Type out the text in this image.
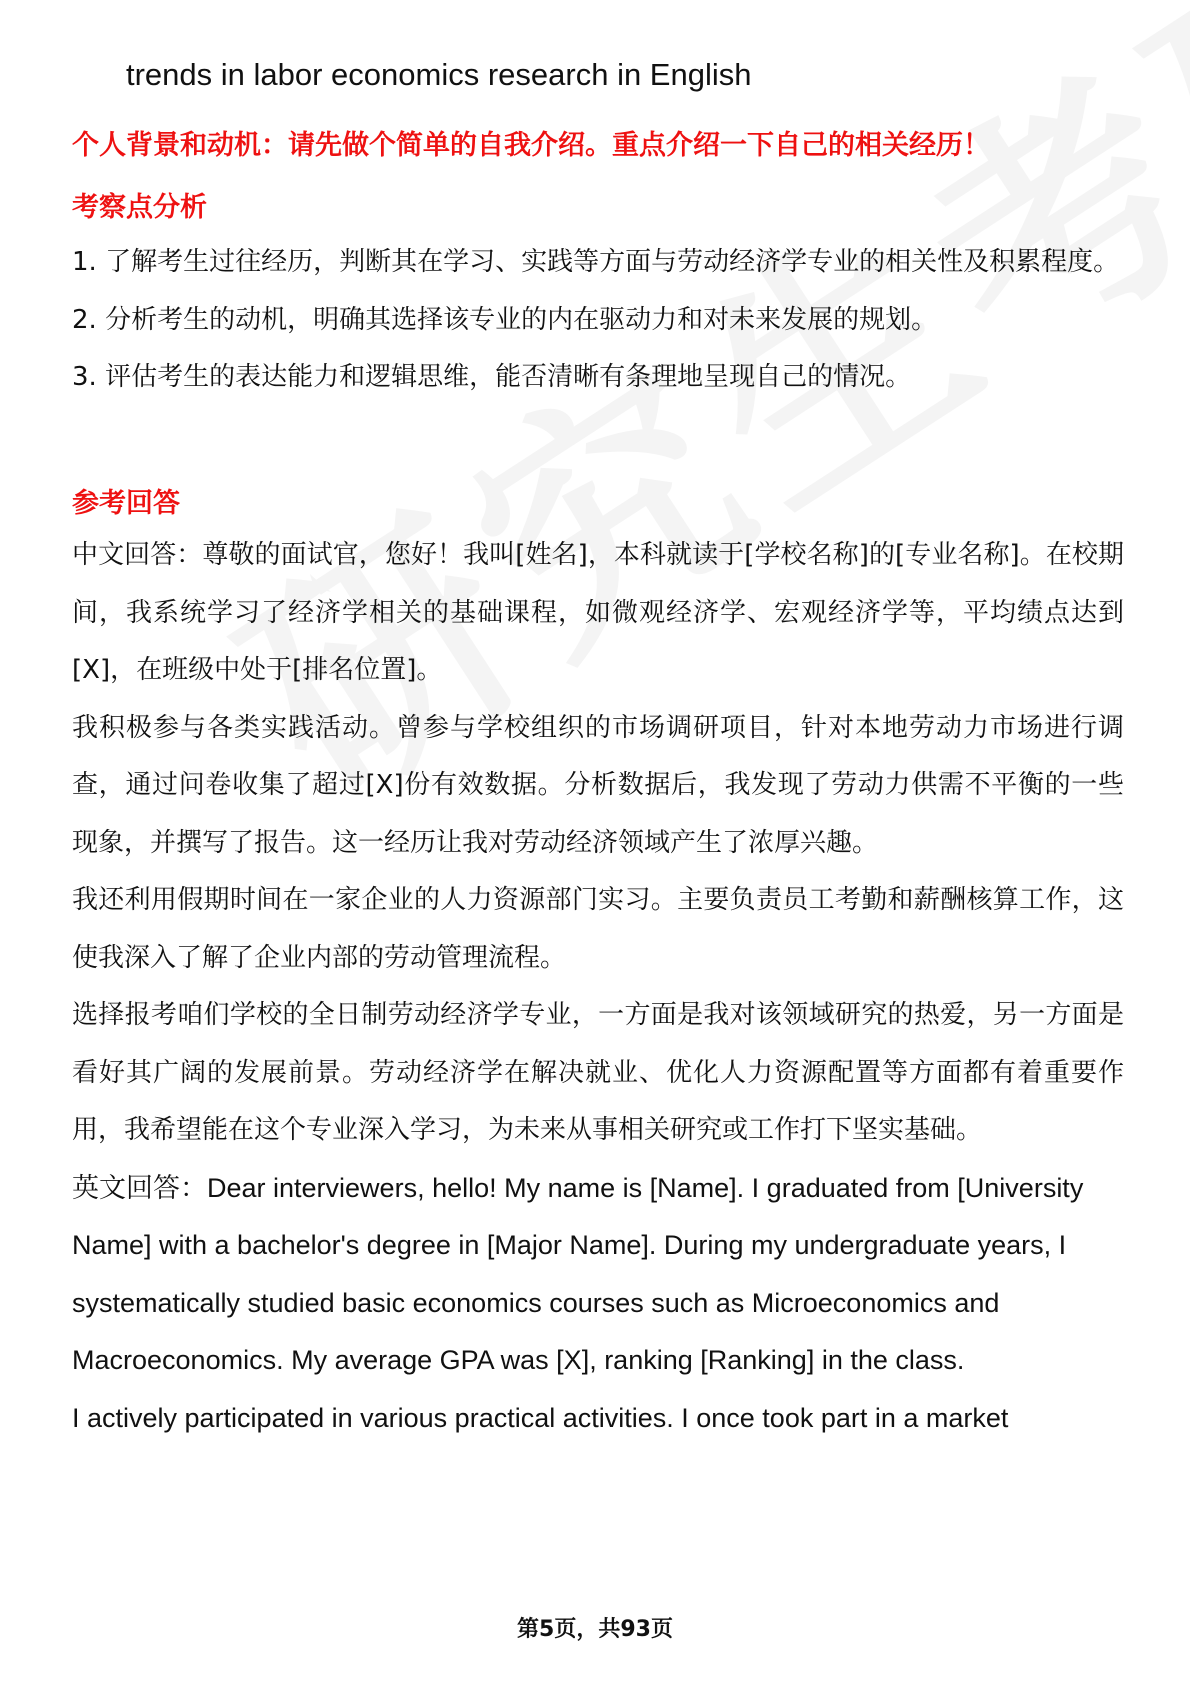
trends in labor economics research in English
个人背景和动机：请先做个简单的自我介绍。重点介绍一下自己的相关经历！
考察点分析

1. 了解考生过往经历，判断其在学习、实践等方面与劳动经济学专业的相关性及积累程度。

2. 分析考生的动机，明确其选择该专业的内在驱动力和对未来发展的规划。

3. 评估考生的表达能力和逻辑思维，能否清晰有条理地呈现自己的情况。

参考回答

中文回答：尊敬的面试官，您好！我叫[姓名]，本科就读于[学校名称]的[专业名称]。在校期间，我系统学习了经济学相关的基础课程，如微观经济学、宏观经济学等，平均绩点达到[X]，在班级中处于[排名位置]。

我积极参与各类实践活动。曾参与学校组织的市场调研项目，针对本地劳动力市场进行调查，通过问卷收集了超过[X]份有效数据。分析数据后，我发现了劳动力供需不平衡的一些现象，并撰写了报告。这一经历让我对劳动经济领域产生了浓厚兴趣。

我还利用假期时间在一家企业的人力资源部门实习。主要负责员工考勤和薪酬核算工作，这使我深入了解了企业内部的劳动管理流程。

选择报考咱们学校的全日制劳动经济学专业，一方面是我对该领域研究的热爱，另一方面是看好其广阔的发展前景。劳动经济学在解决就业、优化人力资源配置等方面都有着重要作用，我希望能在这个专业深入学习，为未来从事相关研究或工作打下坚实基础。

英文回答：Dear interviewers, hello! My name is [Name]. I graduated from [University Name] with a bachelor's degree in [Major Name]. During my undergraduate years, I systematically studied basic economics courses such as Microeconomics and Macroeconomics. My average GPA was [X], ranking [Ranking] in the class.

I actively participated in various practical activities. I once took part in a market

第5页，共93页
